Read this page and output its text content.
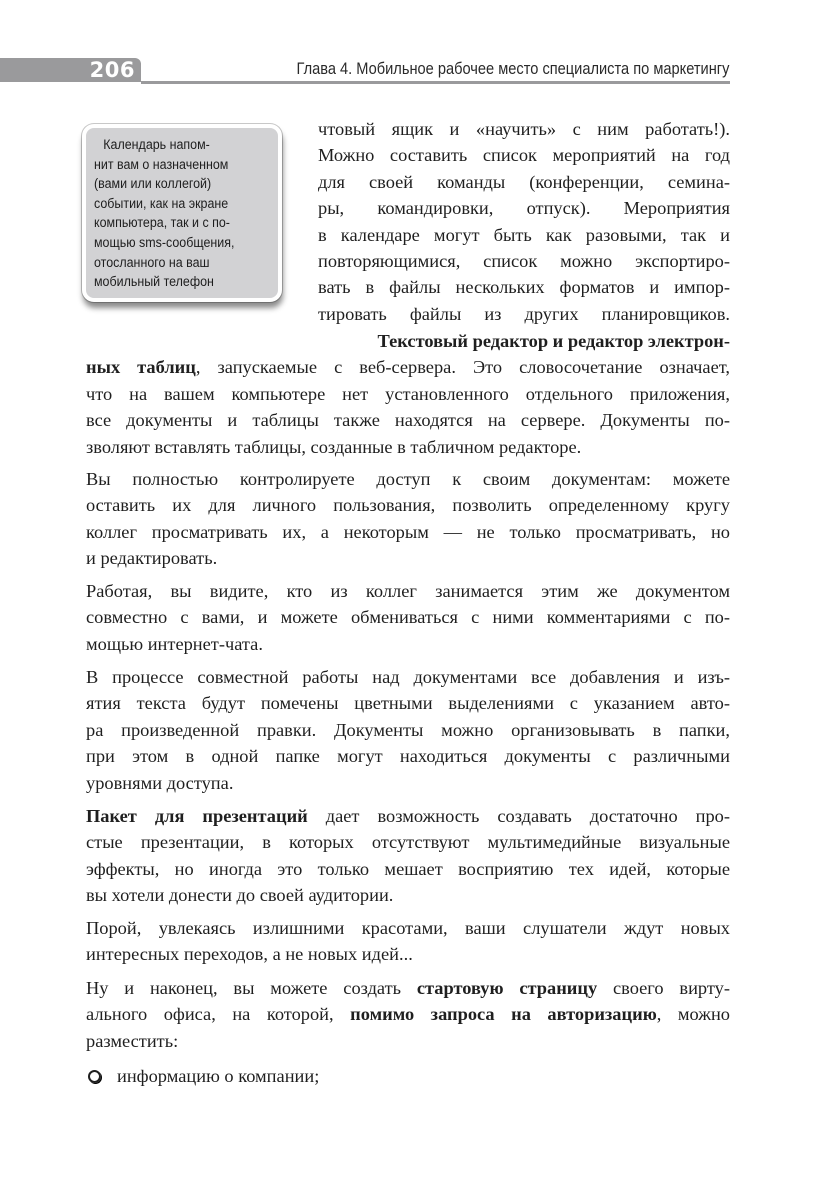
206	Глава 4. Мобильное рабочее место специалиста по маркетингу

Календарь напом-

нит вам о назначенном

(вами или коллегой)

событии, как на экране

компьютера, так и с по-

мощью sms-сообщения,

отосланного на ваш

мобильный телефон

чтовый ящик и «научить» с ним работать!).
Можно составить список мероприятий на год
для своей команды (конференции, семина-
ры, командировки, отпуск). Мероприятия
в календаре могут быть как разовыми, так и
повторяющимися, список можно экспортиро-
вать в файлы нескольких форматов и импор-
тировать файлы из других планировщиков.
Текстовый редактор и редактор электрон-
ных таблиц, запускаемые с веб-сервера. Это словосочетание означает,
что на вашем компьютере нет установленного отдельного приложения,
все документы и таблицы также находятся на сервере. Документы по-
зволяют вставлять таблицы, созданные в табличном редакторе.
Вы полностью контролируете доступ к своим документам: можете
оставить их для личного пользования, позволить определенному кругу
коллег просматривать их, а некоторым — не только просматривать, но
и редактировать.
Работая, вы видите, кто из коллег занимается этим же документом
совместно с вами, и можете обмениваться с ними комментариями с по-
мощью интернет-чата.
В процессе совместной работы над документами все добавления и изъ-
ятия текста будут помечены цветными выделениями с указанием авто-
ра произведенной правки. Документы можно организовывать в папки,
при этом в одной папке могут находиться документы с различными
уровнями доступа.
Пакет для презентаций дает возможность создавать достаточно про-
стые презентации, в которых отсутствуют мультимедийные визуальные
эффекты, но иногда это только мешает восприятию тех идей, которые
вы хотели донести до своей аудитории.
Порой, увлекаясь излишними красотами, ваши слушатели ждут новых
интересных переходов, а не новых идей...
Ну и наконец, вы можете создать стартовую страницу своего вирту-
ального офиса, на которой, помимо запроса на авторизацию, можно
разместить:
информацию о компании;
